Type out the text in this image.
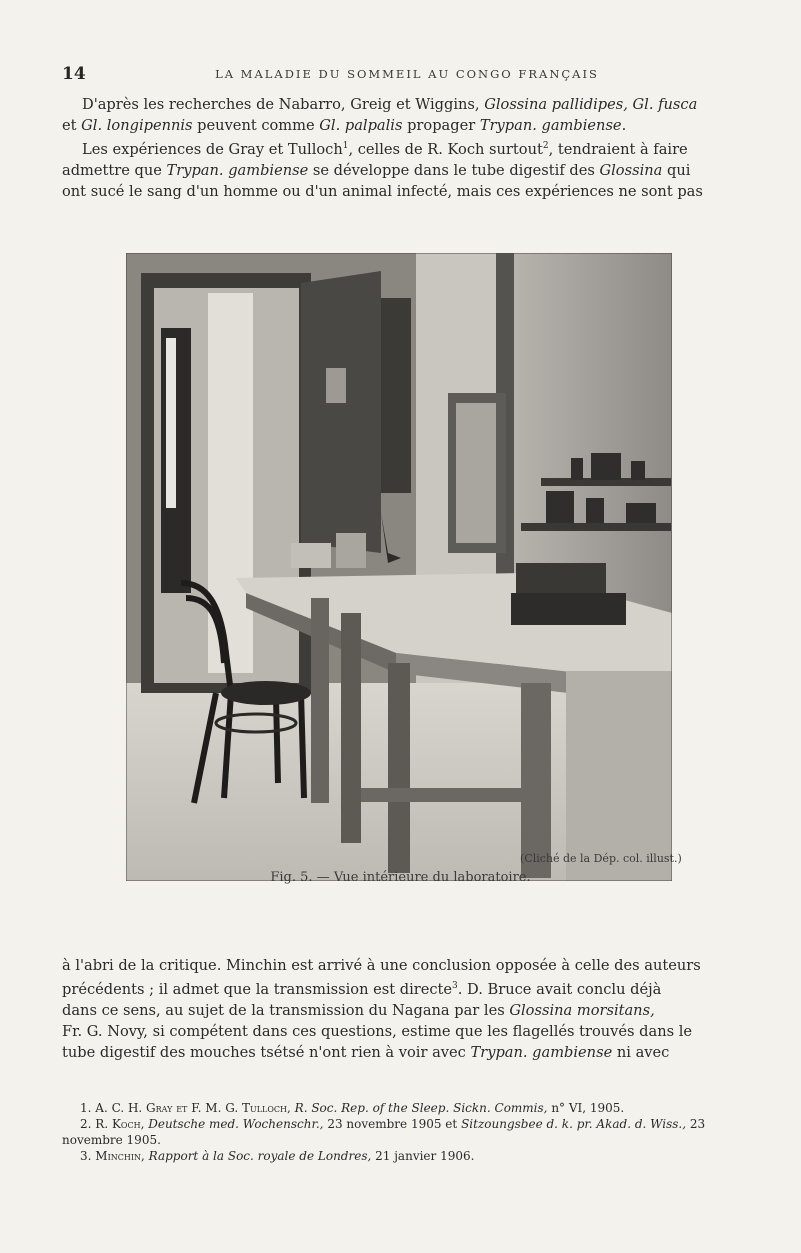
14	LA MALADIE DU SOMMEIL AU CONGO FRANÇAIS

D'après les recherches de Nabarro, Greig et Wiggins, Glossina pallidipes, Gl. fusca
et Gl. longipennis peuvent comme Gl. palpalis propager Trypan. gambiense.
Les expériences de Gray et Tulloch$^1$, celles de R. Koch surtout$^2$, tendraient à faire
admettre que Trypan. gambiense se développe dans le tube digestif des Glossina qui
ont sucé le sang d'un homme ou d'un animal infecté, mais ces expériences ne sont pas

(Cliché de la Dép. col. illust.)
Fig. 5. — Vue intérieure du laboratoire.

à l'abri de la critique. Minchin est arrivé à une conclusion opposée à celle des auteurs
précédents ; il admet que la transmission est directe$^3$. D. Bruce avait conclu déjà
dans ce sens, au sujet de la transmission du Nagana par les Glossina morsitans,
Fr. G. Novy, si compétent dans ces questions, estime que les flagellés trouvés dans le
tube digestif des mouches tsétsé n'ont rien à voir avec Trypan. gambiense ni avec

1. A. C. H. Gray et F. M. G. Tulloch, R. Soc. Rep. of the Sleep. Sickn. Commis, n° VI, 1905.
2. R. Koch, Deutsche med. Wochenschr., 23 novembre 1905 et Sitzoungsbee d. k. pr. Akad. d. Wiss., 23 novembre 1905.
3. Minchin, Rapport à la Soc. royale de Londres, 21 janvier 1906.
